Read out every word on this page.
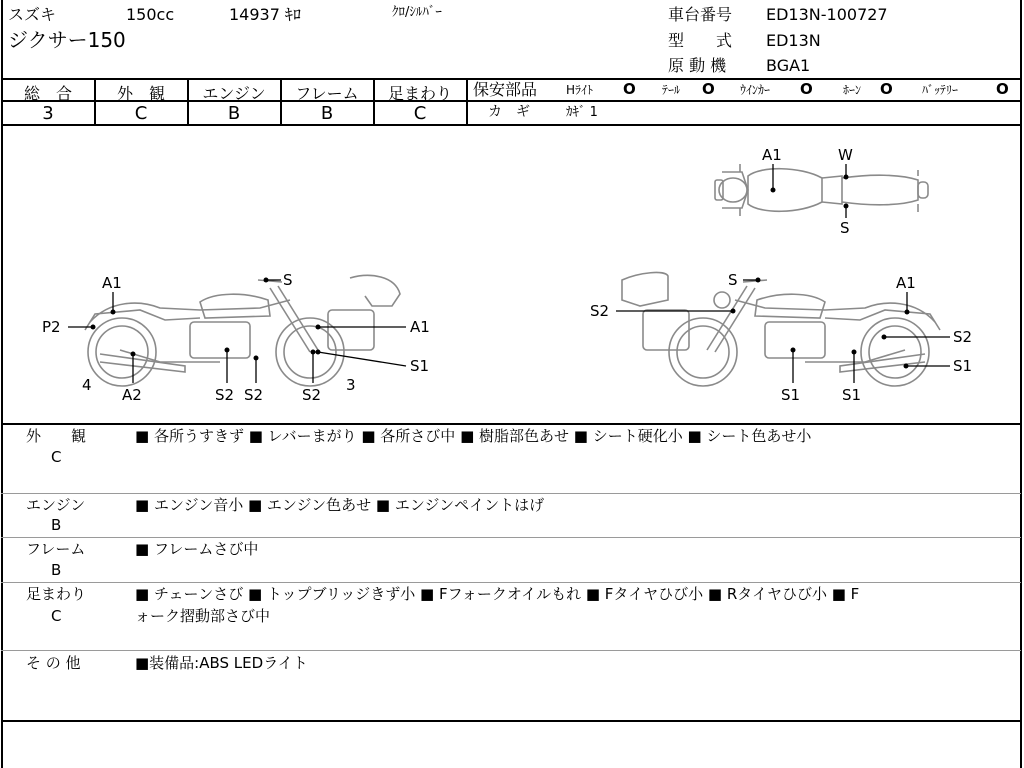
スズキ	150cc	14937 ｷﾛ	ｸﾛ/ｼﾙﾊﾞｰ
ジクサー150
車台番号 ED13N-100727
型　　式 ED13N
原 動 機 BGA1
総　合
3
外　観
C
エンジン
B
フレーム
B
足まわり
C
保安部品 Hﾗｲﾄ O ﾃｰﾙ O ｳｲﾝｶｰ O	ﾎｰﾝ O ﾊﾞｯﾃﾘｰ	O
カ　ギ	ｶｷﾞ 1
A1	W
S
A1	S
P2	A1
S1
4
A2	S2 S2	S2
3
S	A1
S2
S2
S1
S1	S1
外　　観
C
■ 各所うすきず ■ レバーまがり ■ 各所さび中 ■ 樹脂部色あせ ■ シート硬化小 ■ シート色あせ小
エンジン
B
■ エンジン音小 ■ エンジン色あせ ■ エンジンペイントはげ
フレーム
B
■ フレームさび中
足まわり
C
■ チェーンさび ■ トップブリッジきず小 ■ Fフォークオイルもれ ■ Fタイヤひび小 ■ Rタイヤひび小 ■ F
ォーク摺動部さび中
そ の 他	■装備品:ABS LEDライト
